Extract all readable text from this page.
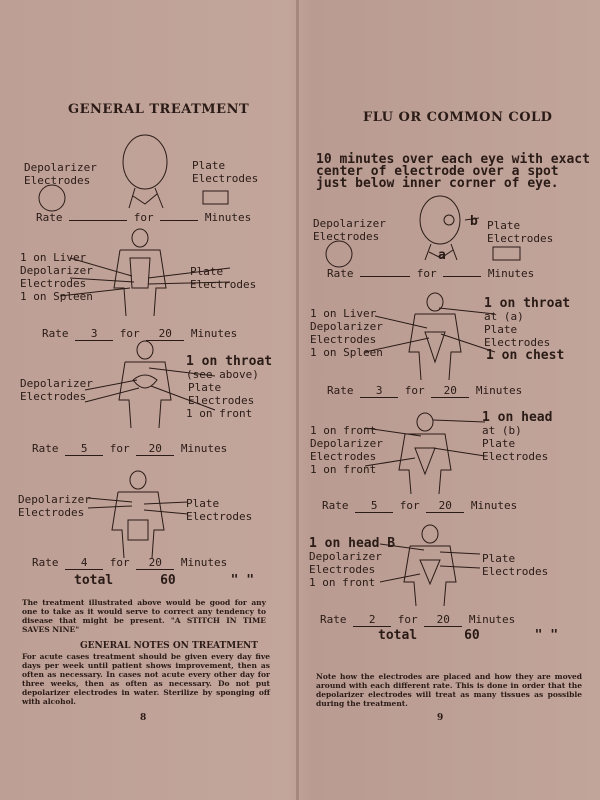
GENERAL TREATMENT
Depolarizer
Electrodes
Plate
Electrodes
Rate	for	Minutes
1 on Liver
Depolarizer
Electrodes
1 on Spleen
Plate
Electrodes
Rate 3 for 20 Minutes
1 on throat
(see above)
Depolarizer
Electrodes
Plate
Electrodes
1 on front
Rate 5 for 20 Minutes
Depolarizer
Electrodes
Plate
Electrodes
Rate 4 for 20 Minutes
total	60	" "
The treatment illustrated above would be good for any one to take as it would serve to correct any tendency to disease that might be present. "A STITCH IN TIME SAVES NINE"
GENERAL NOTES ON TREATMENT
For acute cases treatment should be given every day five days per week until patient shows improvement, then as often as necessary. In cases not acute every other day for three weeks, then as often as necessary. Do not put depolarizer electrodes in water. Sterilize by sponging off with alcohol.
8
FLU OR COMMON COLD
10 minutes over each eye with exact
center of electrode over a spot
just below inner corner of eye.
Depolarizer
Electrodes
b Plate
Electrodes
a
Rate	for	Minutes
1 on Liver
Depolarizer
Electrodes
1 on Spleen
1 on throat
at (a)
Plate
Electrodes
1 on chest
Rate 3 for 20 Minutes
1 on front
Depolarizer
Electrodes
1 on front
1 on head
at (b)
Plate
Electrodes
Rate 5 for 20 Minutes
1 on head B
Depolarizer
Electrodes
1 on front
Plate
Electrodes
Rate 2 for 20 Minutes
total	60	" "
Note how the electrodes are placed and how they are moved around with each different rate. This is done in order that the depolarizer electrodes will treat as many tissues as possible during the treatment.
9
